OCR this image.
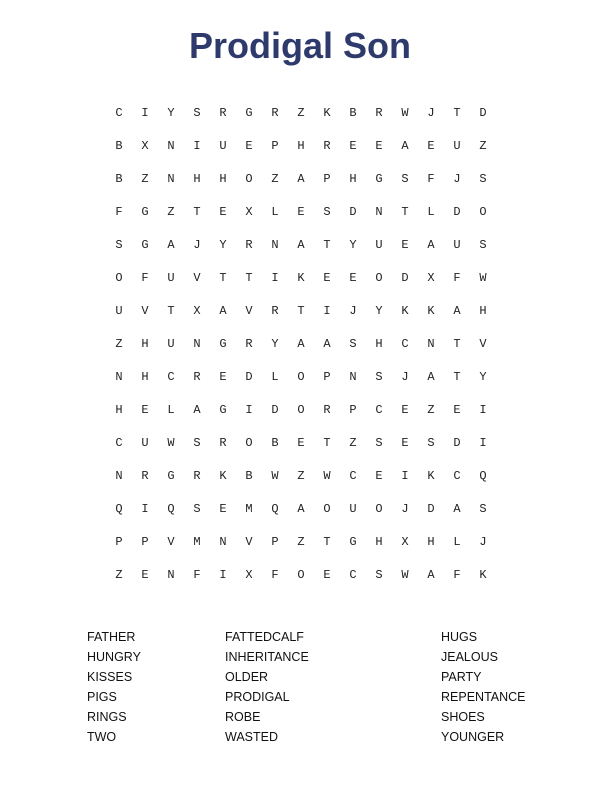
Prodigal Son
C	I	Y	S	R	G	R	Z	K	B	R	W	J	T	D
B	X	N	I	U	E	P	H	R	E	E	A	E	U	Z
B	Z	N	H	H	O	Z	A	P	H	G	S	F	J	S
F	G	Z	T	E	X	L	E	S	D	N	T	L	D	O
S	G	A	J	Y	R	N	A	T	Y	U	E	A	U	S
O	F	U	V	T	T	I	K	E	E	O	D	X	F	W
U	V	T	X	A	V	R	T	I	J	Y	K	K	A	H
Z	H	U	N	G	R	Y	A	A	S	H	C	N	T	V
N	H	C	R	E	D	L	O	P	N	S	J	A	T	Y
H	E	L	A	G	I	D	O	R	P	C	E	Z	E	I
C	U	W	S	R	O	B	E	T	Z	S	E	S	D	I
N	R	G	R	K	B	W	Z	W	C	E	I	K	C	Q
Q	I	Q	S	E	M	Q	A	O	U	O	J	D	A	S
P	P	V	M	N	V	P	Z	T	G	H	X	H	L	J
Z	E	N	F	I	X	F	O	E	C	S	W	A	F	K
FATHER
HUNGRY
KISSES
PIGS
RINGS
TWO
FATTEDCALF
INHERITANCE
OLDER
PRODIGAL
ROBE
WASTED
HUGS
JEALOUS
PARTY
REPENTANCE
SHOES
YOUNGER
